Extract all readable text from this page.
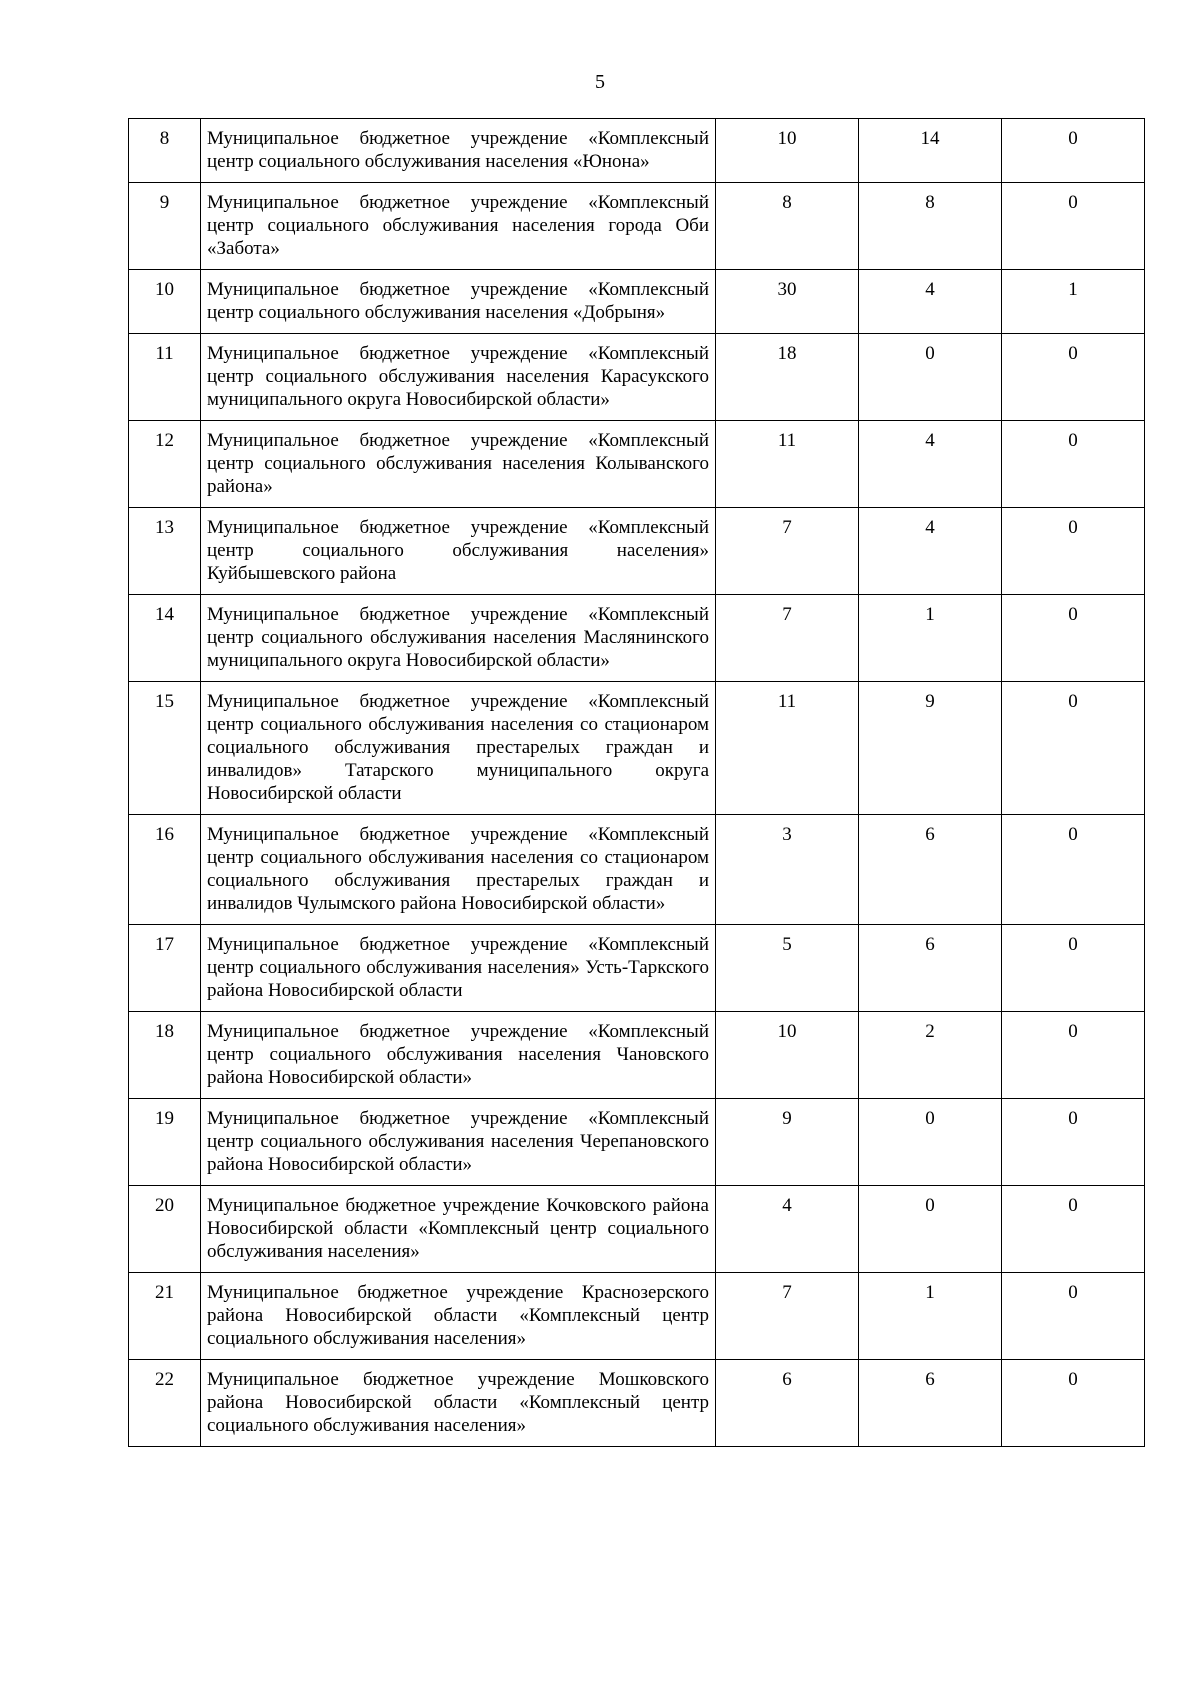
5
8	Муниципальное бюджетное учреждение «Комплексный центр социального обслуживания населения «Юнона»	10	14	0
9	Муниципальное бюджетное учреждение «Комплексный центр социального обслуживания населения города Оби «Забота»	8	8	0
10	Муниципальное бюджетное учреждение «Комплексный центр социального обслуживания населения «Добрыня»	30	4	1
11	Муниципальное бюджетное учреждение «Комплексный центр социального обслуживания населения Карасукского муниципального округа Новосибирской области»	18	0	0
12	Муниципальное бюджетное учреждение «Комплексный центр социального обслуживания населения Колыванского района»	11	4	0
13	Муниципальное бюджетное учреждение «Комплексный центр социального обслуживания населения» Куйбышевского района	7	4	0
14	Муниципальное бюджетное учреждение «Комплексный центр социального обслуживания населения Маслянинского муниципального округа Новосибирской области»	7	1	0
15	Муниципальное бюджетное учреждение «Комплексный центр социального обслуживания населения со стационаром социального обслуживания престарелых граждан и инвалидов» Татарского муниципального округа Новосибирской области	11	9	0
16	Муниципальное бюджетное учреждение «Комплексный центр социального обслуживания населения со стационаром социального обслуживания престарелых граждан и инвалидов Чулымского района Новосибирской области»	3	6	0
17	Муниципальное бюджетное учреждение «Комплексный центр социального обслуживания населения» Усть-Таркского района Новосибирской области	5	6	0
18	Муниципальное бюджетное учреждение «Комплексный центр социального обслуживания населения Чановского района Новосибирской области»	10	2	0
19	Муниципальное бюджетное учреждение «Комплексный центр социального обслуживания населения Черепановского района Новосибирской области»	9	0	0
20	Муниципальное бюджетное учреждение Кочковского района Новосибирской области «Комплексный центр социального обслуживания населения»	4	0	0
21	Муниципальное бюджетное учреждение Краснозерского района Новосибирской области «Комплексный центр социального обслуживания населения»	7	1	0
22	Муниципальное бюджетное учреждение Мошковского района Новосибирской области «Комплексный центр социального обслуживания населения»	6	6	0
